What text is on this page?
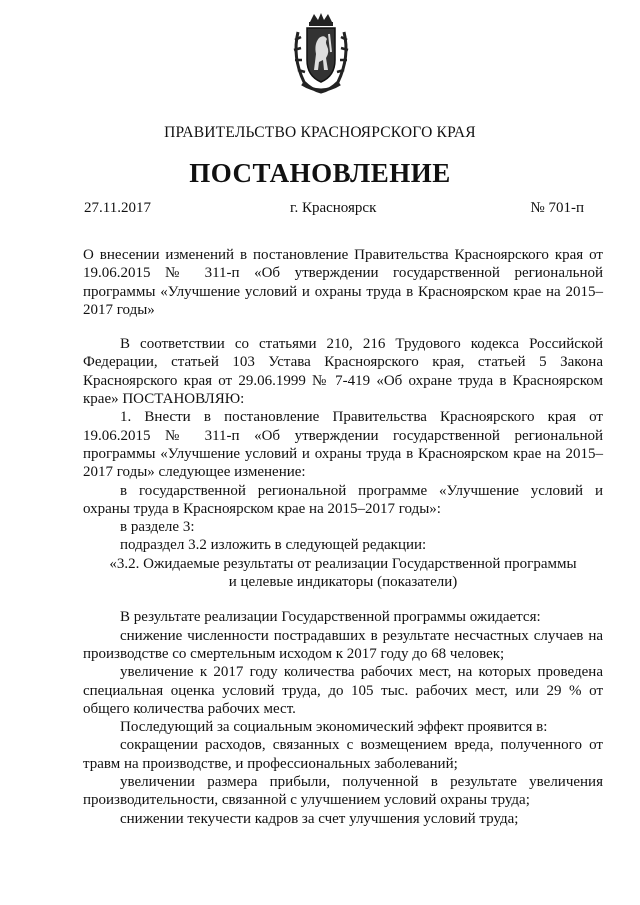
ПРАВИТЕЛЬСТВО КРАСНОЯРСКОГО КРАЯ
ПОСТАНОВЛЕНИЕ
27.11.2017	г. Красноярск	№ 701-п

О внесении изменений в постановление Правительства Красноярского края от 19.06.2015 № 311-п «Об утверждении государственной региональной программы «Улучшение условий и охраны труда в Красноярском крае на 2015–2017 годы»

В соответствии со статьями 210, 216 Трудового кодекса Российской Федерации, статьей 103 Устава Красноярского края, статьей 5 Закона Красноярского края от 29.06.1999 № 7-419 «Об охране труда в Красноярском крае» ПОСТАНОВЛЯЮ:

1. Внести в постановление Правительства Красноярского края от 19.06.2015 № 311-п «Об утверждении государственной региональной программы «Улучшение условий и охраны труда в Красноярском крае на 2015–2017 годы» следующее изменение:

в государственной региональной программе «Улучшение условий и охраны труда в Красноярском крае на 2015–2017 годы»:

в разделе 3:

подраздел 3.2 изложить в следующей редакции:

«3.2. Ожидаемые результаты от реализации Государственной программы

и целевые индикаторы (показатели)

В результате реализации Государственной программы ожидается:

снижение численности пострадавших в результате несчастных случаев на производстве со смертельным исходом к 2017 году до 68 человек;

увеличение к 2017 году количества рабочих мест, на которых проведена специальная оценка условий труда, до 105 тыс. рабочих мест, или 29 % от общего количества рабочих мест.

Последующий за социальным экономический эффект проявится в:

сокращении расходов, связанных с возмещением вреда, полученного от травм на производстве, и профессиональных заболеваний;

увеличении размера прибыли, полученной в результате увеличения производительности, связанной с улучшением условий охраны труда;

снижении текучести кадров за счет улучшения условий труда;
